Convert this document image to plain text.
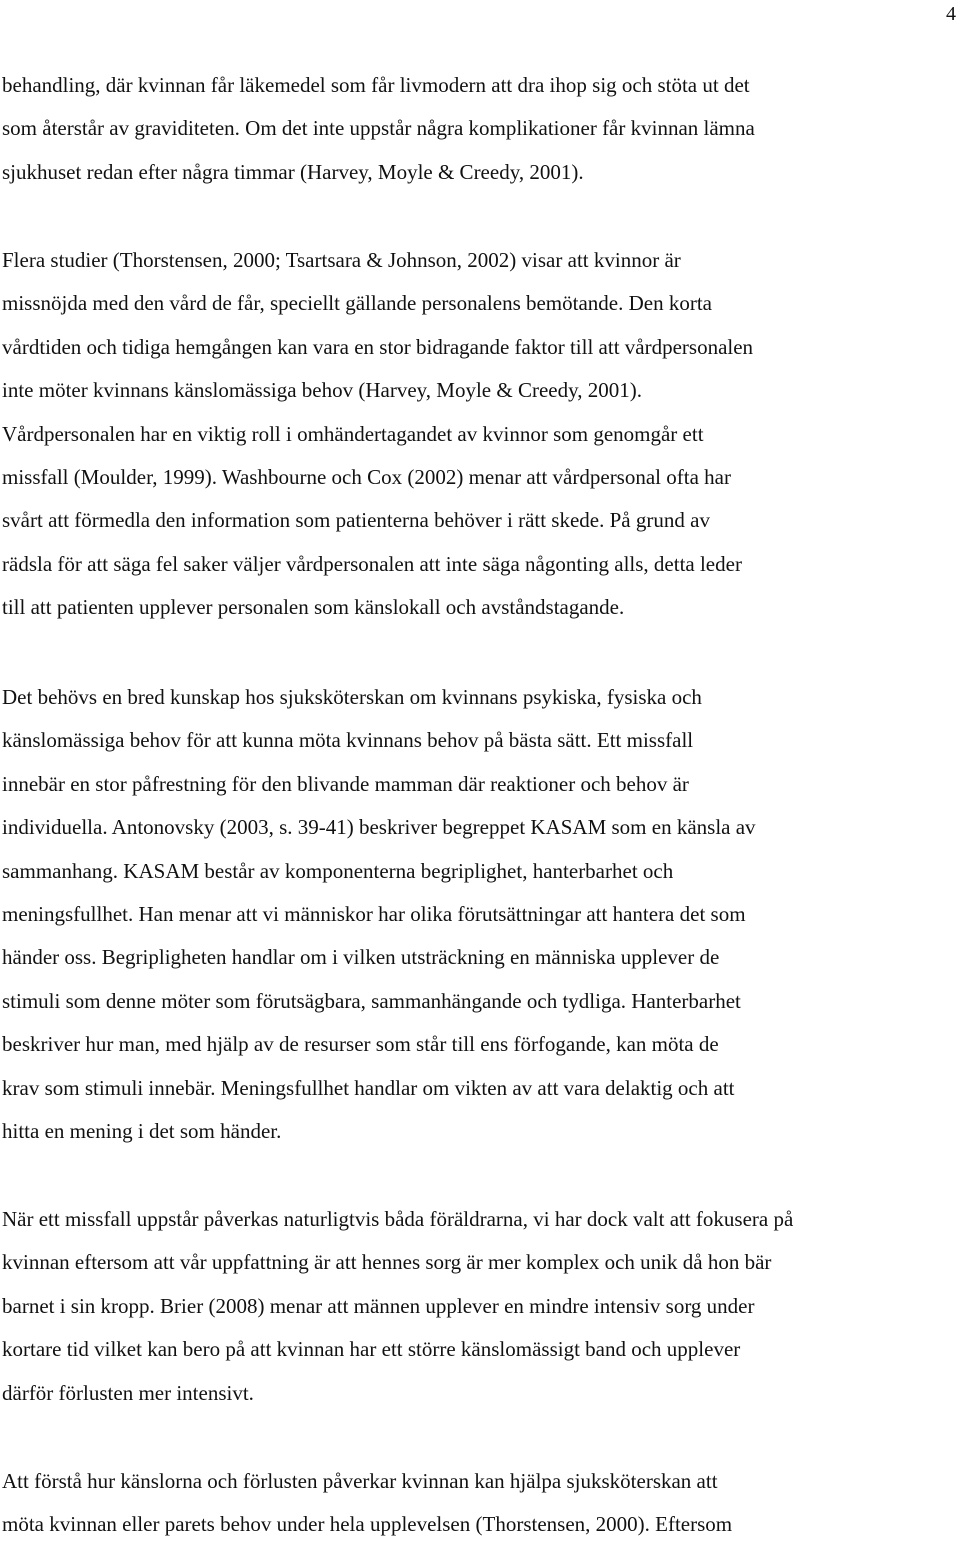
4
behandling, där kvinnan får läkemedel som får livmodern att dra ihop sig och stöta ut det
som återstår av graviditeten. Om det inte uppstår några komplikationer får kvinnan lämna
sjukhuset redan efter några timmar (Harvey, Moyle & Creedy, 2001).
Flera studier (Thorstensen, 2000; Tsartsara & Johnson, 2002) visar att kvinnor är
missnöjda med den vård de får, speciellt gällande personalens bemötande. Den korta
vårdtiden och tidiga hemgången kan vara en stor bidragande faktor till att vårdpersonalen
inte möter kvinnans känslomässiga behov (Harvey, Moyle & Creedy, 2001).
Vårdpersonalen har en viktig roll i omhändertagandet av kvinnor som genomgår ett
missfall (Moulder, 1999). Washbourne och Cox (2002) menar att vårdpersonal ofta har
svårt att förmedla den information som patienterna behöver i rätt skede. På grund av
rädsla för att säga fel saker väljer vårdpersonalen att inte säga någonting alls, detta leder
till att patienten upplever personalen som känslokall och avståndstagande.
Det behövs en bred kunskap hos sjuksköterskan om kvinnans psykiska, fysiska och
känslomässiga behov för att kunna möta kvinnans behov på bästa sätt. Ett missfall
innebär en stor påfrestning för den blivande mamman där reaktioner och behov är
individuella. Antonovsky (2003, s. 39-41) beskriver begreppet KASAM som en känsla av
sammanhang. KASAM består av komponenterna begriplighet, hanterbarhet och
meningsfullhet. Han menar att vi människor har olika förutsättningar att hantera det som
händer oss. Begripligheten handlar om i vilken utsträckning en människa upplever de
stimuli som denne möter som förutsägbara, sammanhängande och tydliga. Hanterbarhet
beskriver hur man, med hjälp av de resurser som står till ens förfogande, kan möta de
krav som stimuli innebär. Meningsfullhet handlar om vikten av att vara delaktig och att
hitta en mening i det som händer.
När ett missfall uppstår påverkas naturligtvis båda föräldrarna, vi har dock valt att fokusera på
kvinnan eftersom att vår uppfattning är att hennes sorg är mer komplex och unik då hon bär
barnet i sin kropp. Brier (2008) menar att männen upplever en mindre intensiv sorg under
kortare tid vilket kan bero på att kvinnan har ett större känslomässigt band och upplever
därför förlusten mer intensivt.
Att förstå hur känslorna och förlusten påverkar kvinnan kan hjälpa sjuksköterskan att
möta kvinnan eller parets behov under hela upplevelsen (Thorstensen, 2000). Eftersom
